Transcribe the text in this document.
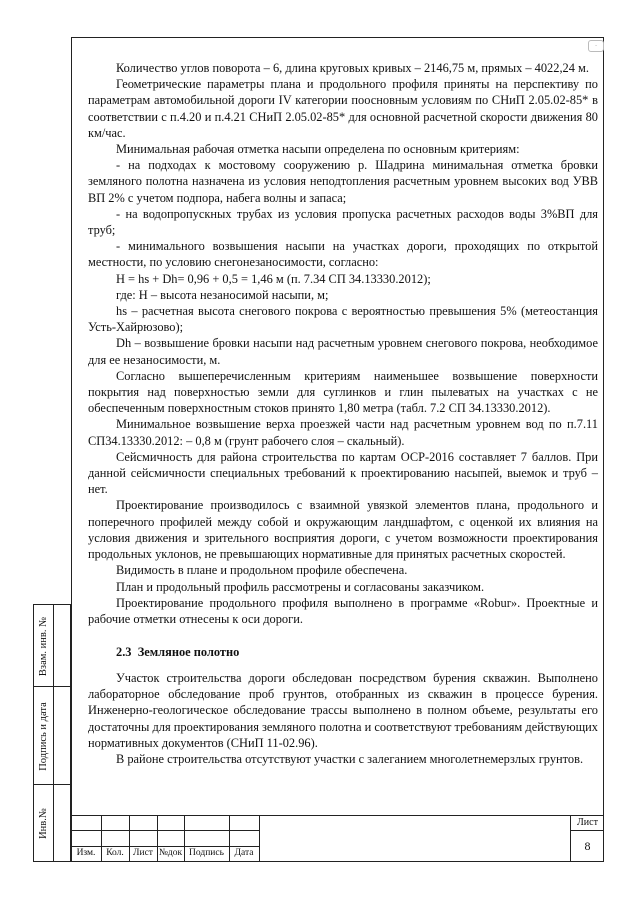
·

Количество углов поворота – 6, длина круговых кривых – 2146,75 м, прямых – 4022,24 м.

Геометрические параметры плана и продольного профиля приняты на перспективу по параметрам автомобильной дороги IV категории поосновным условиям по СНиП 2.05.02-85* в соответствии с п.4.20 и п.4.21 СНиП 2.05.02-85* для основной расчетной скорости движения 80 км/час.

Минимальная рабочая отметка насыпи определена по основным критериям:

- на подходах к мостовому сооружению р. Шадрина минимальная отметка бровки земляного полотна назначена из условия неподтопления расчетным уровнем высоких вод УВВ ВП 2% с учетом подпора, набега волны и запаса;

- на водопропускных трубах из условия пропуска расчетных расходов воды 3%ВП для труб;

- минимального возвышения насыпи на участках дороги, проходящих по открытой местности, по условию снегонезаносимости, согласно:

H = hs + Dh= 0,96 + 0,5 = 1,46 м (п. 7.34 СП 34.13330.2012);

где: H – высота незаносимой насыпи, м;

hs – расчетная высота снегового покрова с вероятностью превышения 5% (метеостанция Усть-Хайрюзово);

Dh – возвышение бровки насыпи над расчетным уровнем снегового покрова, необходимое для ее незаносимости, м.

Согласно вышеперечисленным критериям наименьшее возвышение поверхности покрытия над поверхностью земли для суглинков и глин пылеватых на участках с не обеспеченным поверхностным стоков принято 1,80 метра (табл. 7.2 СП 34.13330.2012).

Минимальное возвышение верха проезжей части над расчетным уровнем вод по п.7.11 СП34.13330.2012: – 0,8 м (грунт рабочего слоя – скальный).

Сейсмичность для района строительства по картам ОСР-2016 составляет 7 баллов. При данной сейсмичности специальных требований к проектированию насыпей, выемок и труб – нет.

Проектирование производилось с взаимной увязкой элементов плана, продольного и поперечного профилей между собой и окружающим ландшафтом, с оценкой их влияния на условия движения и зрительного восприятия дороги, с учетом возможности проектирования продольных уклонов, не превышающих нормативные для принятых расчетных скоростей.

Видимость в плане и продольном профиле обеспечена.

План и продольный профиль рассмотрены и согласованы заказчиком.

Проектирование продольного профиля выполнено в программе «Robur». Проектные и рабочие отметки отнесены к оси дороги.

2.3 Земляное полотно

Участок строительства дороги обследован посредством бурения скважин. Выполнено лабораторное обследование проб грунтов, отобранных из скважин в процессе бурения. Инженерно-геологическое обследование трассы выполнено в полном объеме, результаты его достаточны для проектирования земляного полотна и соответствуют требованиям действующих нормативных документов (СНиП 11-02.96).

В районе строительства отсутствуют участки с залеганием многолетнемерзлых грунтов.

Взам. инв. №
Подпись и дата
Инв.№
Изм.	Кол. Лист №док Подпись	Дата
Лист
8
